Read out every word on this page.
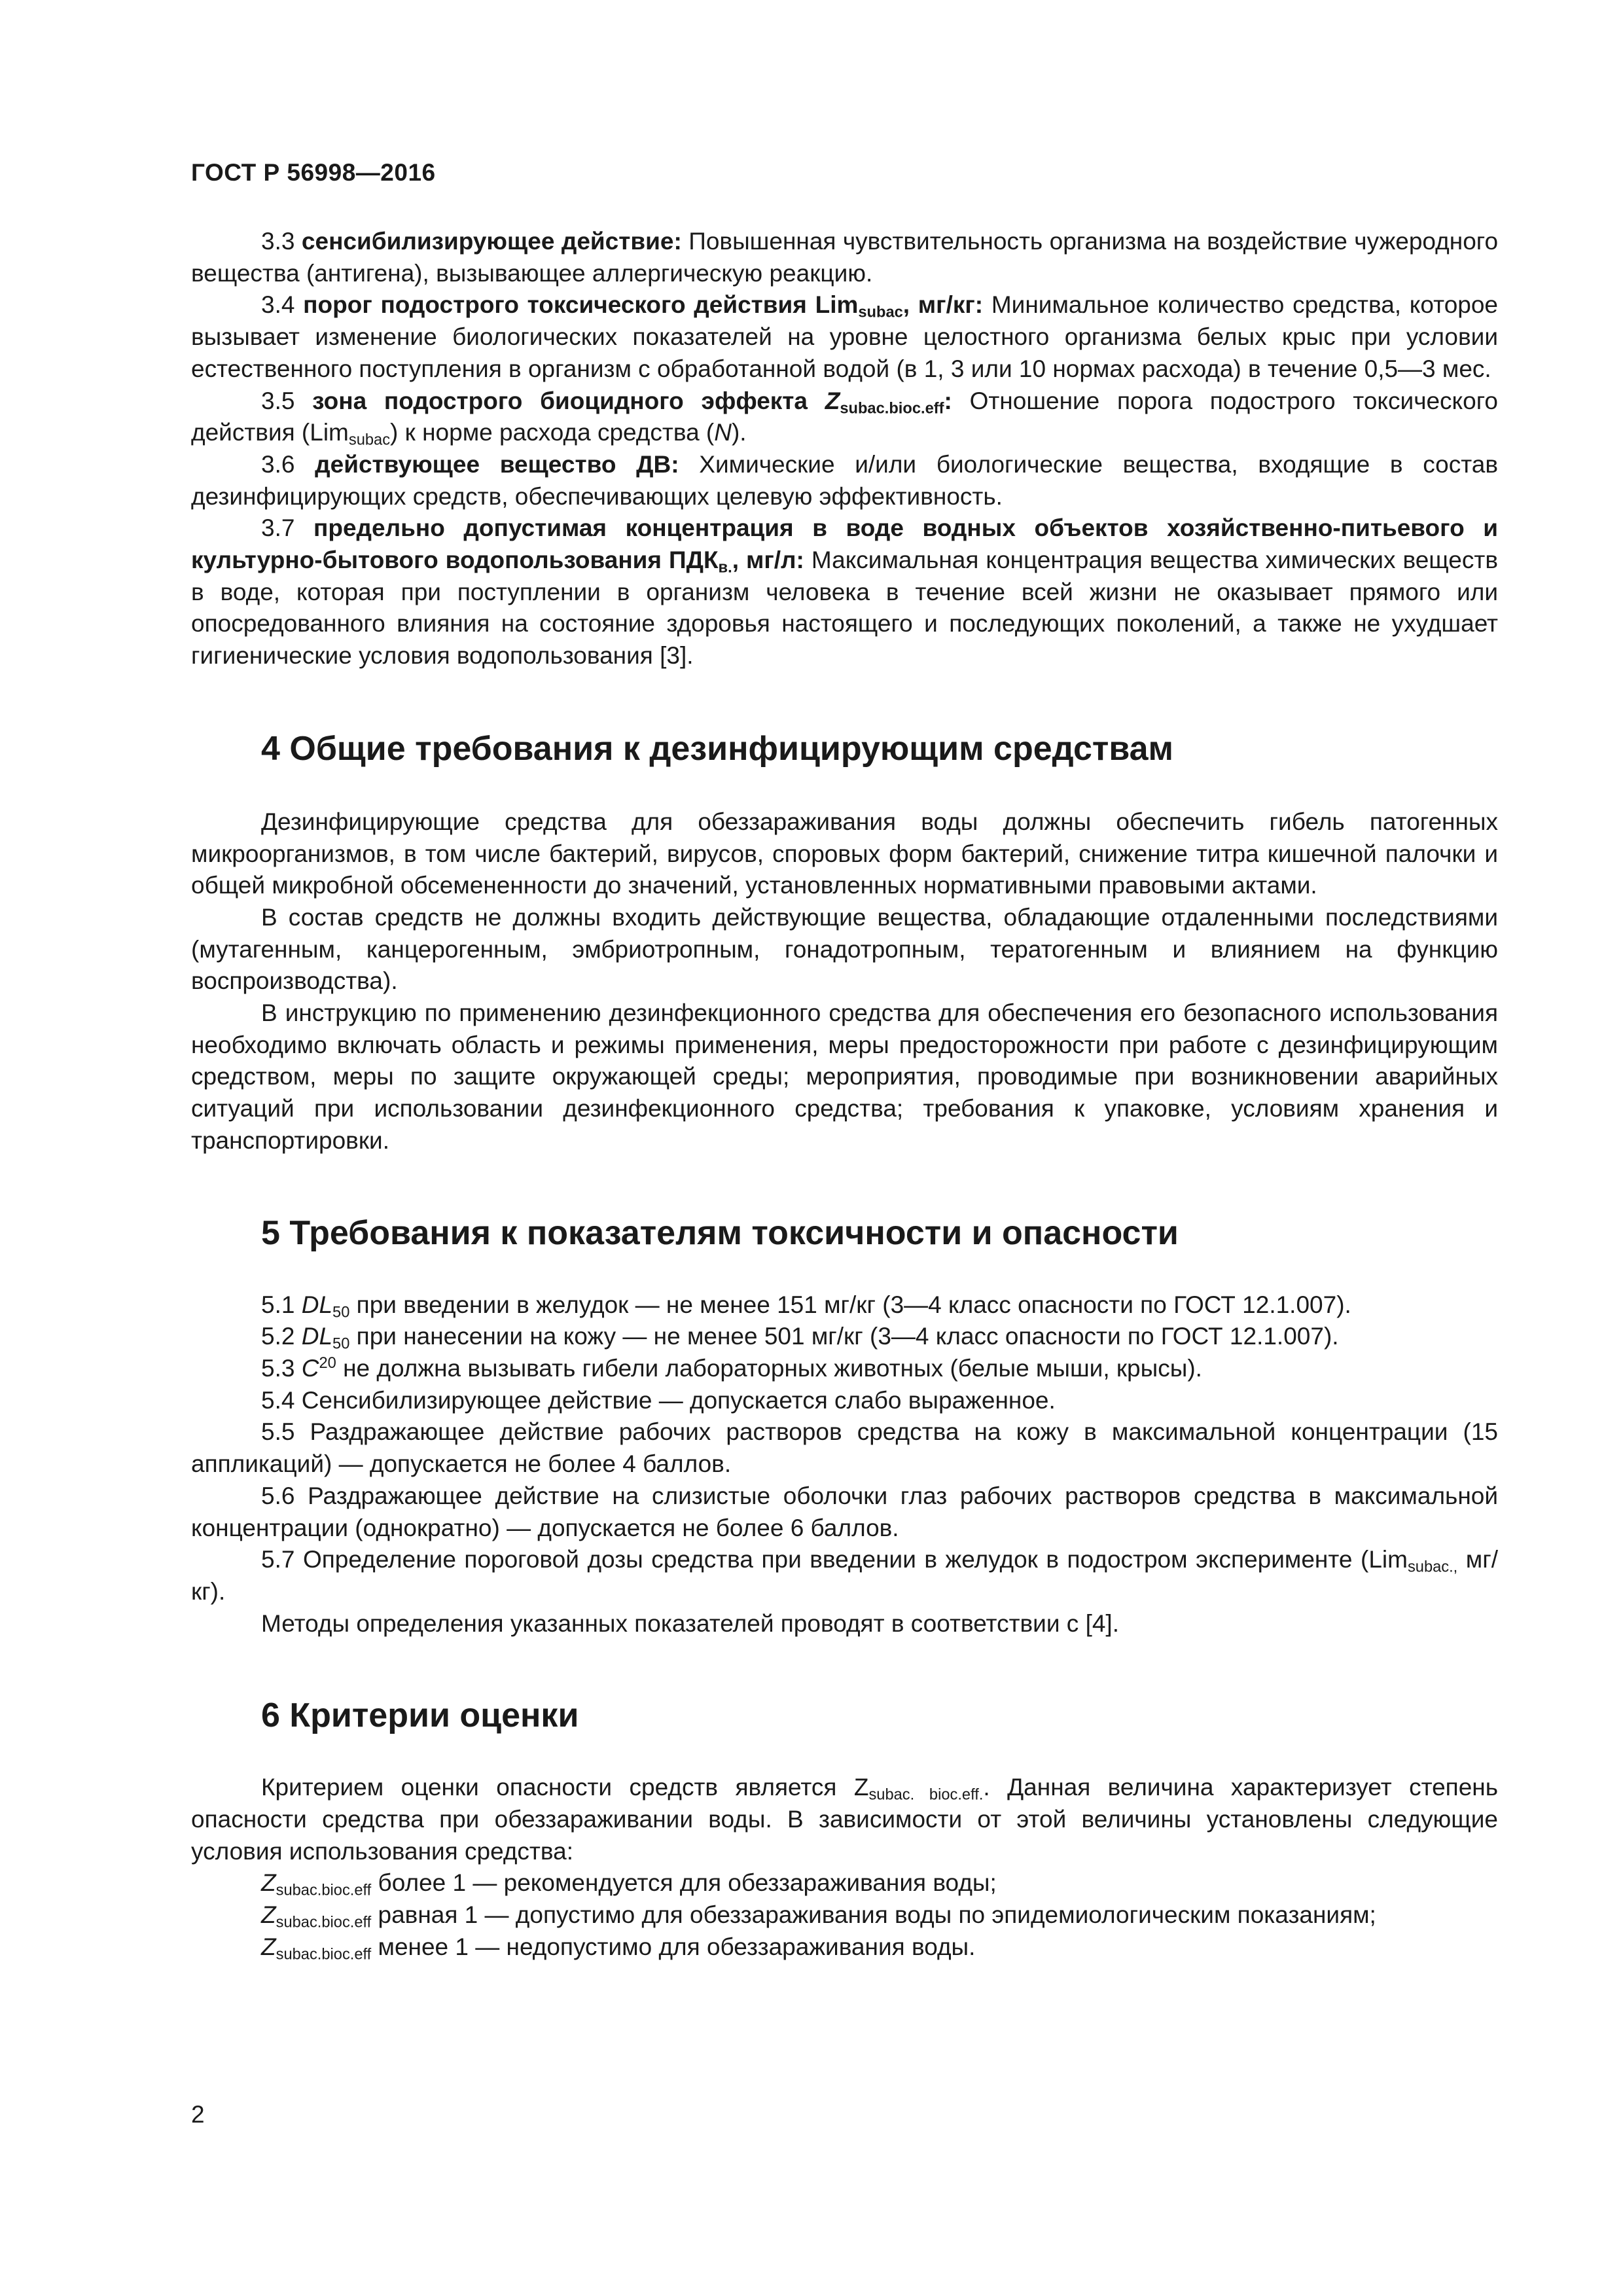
ГОСТ Р 56998—2016

3.3 сенсибилизирующее действие: Повышенная чувствительность организма на воздействие чужеродного вещества (антигена), вызывающее аллергическую реакцию.

3.4 порог подострого токсического действия Lim$_{subac}$, мг/кг: Минимальное количество средства, которое вызывает изменение биологических показателей на уровне целостного организма белых крыс при условии естественного поступления в организм с обработанной водой (в 1, 3 или 10 нормах расхода) в течение 0,5—3 мес.

3.5 зона подострого биоцидного эффекта $Z_{subac.bioc.eff}$: Отношение порога подострого токсического действия (Lim$_{subac}$) к норме расхода средства (N).

3.6 действующее вещество ДВ: Химические и/или биологические вещества, входящие в состав дезинфицирующих средств, обеспечивающих целевую эффективность.

3.7 предельно допустимая концентрация в воде водных объектов хозяйственно-питьевого и культурно-бытового водопользования $ПДК_{в.}$, мг/л: Максимальная концентрация вещества химических веществ в воде, которая при поступлении в организм человека в течение всей жизни не оказывает прямого или опосредованного влияния на состояние здоровья настоящего и последующих поколений, а также не ухудшает гигиенические условия водопользования [3].

4 Общие требования к дезинфицирующим средствам

Дезинфицирующие средства для обеззараживания воды должны обеспечить гибель патогенных микроорганизмов, в том числе бактерий, вирусов, споровых форм бактерий, снижение титра кишечной палочки и общей микробной обсемененности до значений, установленных нормативными правовыми актами.

В состав средств не должны входить действующие вещества, обладающие отдаленными последствиями (мутагенным, канцерогенным, эмбриотропным, гонадотропным, тератогенным и влиянием на функцию воспроизводства).

В инструкцию по применению дезинфекционного средства для обеспечения его безопасного использования необходимо включать область и режимы применения, меры предосторожности при работе с дезинфицирующим средством, меры по защите окружающей среды; мероприятия, проводимые при возникновении аварийных ситуаций при использовании дезинфекционного средства; требования к упаковке, условиям хранения и транспортировки.

5 Требования к показателям токсичности и опасности

5.1 $DL_{50}$ при введении в желудок — не менее 151 мг/кг (3—4 класс опасности по ГОСТ 12.1.007).

5.2 $DL_{50}$ при нанесении на кожу — не менее 501 мг/кг (3—4 класс опасности по ГОСТ 12.1.007).

5.3 $C^{20}$ не должна вызывать гибели лабораторных животных (белые мыши, крысы).

5.4 Сенсибилизирующее действие — допускается слабо выраженное.

5.5 Раздражающее действие рабочих растворов средства на кожу в максимальной концентрации (15 аппликаций) — допускается не более 4 баллов.

5.6 Раздражающее действие на слизистые оболочки глаз рабочих растворов средства в максимальной концентрации (однократно) — допускается не более 6 баллов.

5.7 Определение пороговой дозы средства при введении в желудок в подостром эксперименте (Lim$_{subac.,}$ мг/кг).

Методы определения указанных показателей проводят в соответствии с [4].

6 Критерии оценки

Критерием оценки опасности средств является $Z_{subac. bioc.eff.}$. Данная величина характеризует степень опасности средства при обеззараживании воды. В зависимости от этой величины установлены следующие условия использования средства:

$Z_{subac.bioc.eff}$ более 1 — рекомендуется для обеззараживания воды;

$Z_{subac.bioc.eff}$ равная 1 — допустимо для обеззараживания воды по эпидемиологическим показаниям;

$Z_{subac.bioc.eff}$ менее 1 — недопустимо для обеззараживания воды.

2
